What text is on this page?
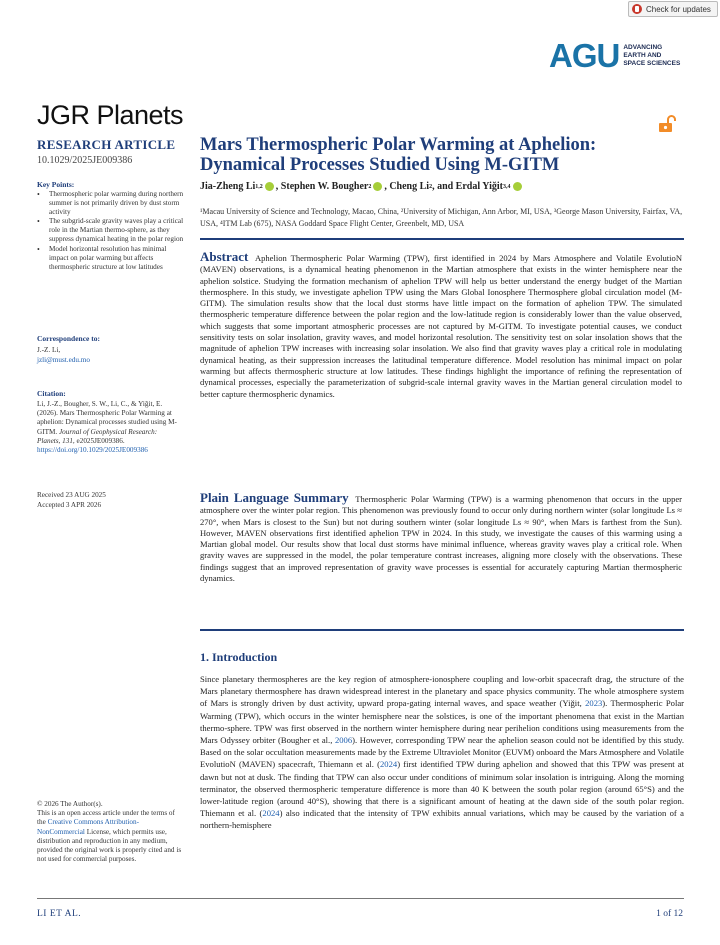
Check for updates
AGU ADVANCING
EARTH AND
SPACE SCIENCES
JGR Planets
RESEARCH ARTICLE
10.1029/2025JE009386
Key Points:
• Thermospheric polar warming during northern summer is not primarily driven by dust storm activity
• The subgrid-scale gravity waves play a critical role in the Martian thermo-sphere, as they suppress dynamical heating in the polar region
• Model horizontal resolution has minimal impact on polar warming but affects thermospheric structure at low latitudes
Correspondence to:
J.-Z. Li,
jzli@must.edu.mo
Citation:
Li, J.-Z., Bougher, S. W., Li, C., & Yiğit, E. (2026). Mars Thermospheric Polar Warming at aphelion: Dynamical processes studied using M-GITM. Journal of Geophysical Research: Planets, 131, e2025JE009386. https://doi.org/10.1029/2025JE009386
Received 23 AUG 2025
Accepted 3 APR 2026
© 2026 The Author(s).
This is an open access article under the terms of the Creative Commons Attribution-NonCommercial License, which permits use, distribution and reproduction in any medium, provided the original work is properly cited and is not used for commercial purposes.
Mars Thermospheric Polar Warming at Aphelion: Dynamical Processes Studied Using M-GITM
Jia-Zheng Li 1,2 , Stephen W. Bougher 2 , Cheng Li 2 , and Erdal Yiğit 3,4
¹Macau University of Science and Technology, Macao, China, ²University of Michigan, Ann Arbor, MI, USA, ³George Mason University, Fairfax, VA, USA, ⁴ITM Lab (675), NASA Goddard Space Flight Center, Greenbelt, MD, USA
Abstract Aphelion Thermospheric Polar Warming (TPW), first identified in 2024 by Mars Atmosphere and Volatile EvolutioN (MAVEN) observations, is a dynamical heating phenomenon in the Martian atmosphere that exists in the winter hemisphere near the aphelion solstice. Studying the formation mechanism of aphelion TPW will help us better understand the energy budget of the Martian thermosphere. In this study, we investigate aphelion TPW using the Mars Global Ionosphere Thermosphere global circulation model (M-GITM). The simulation results show that the local dust storms have little impact on the formation of aphelion TPW. The simulated thermospheric temperature difference between the polar region and the low-latitude region is considerably lower than the value observed, which suggests that some important atmospheric processes are not captured by M-GITM. To investigate potential causes, we conduct sensitivity tests on solar insolation, gravity waves, and model horizontal resolution. The sensitivity test on solar insolation shows that the magnitude of aphelion TPW increases with increasing solar insolation. We also find that gravity waves play a critical role in modulating dynamical heating, as their suppression increases the latitudinal temperature difference. Model resolution has minimal impact on polar warming but affects thermospheric structure at low latitudes. These findings highlight the importance of refining the representation of dynamical processes, especially the parameterization of subgrid-scale internal gravity waves in the Martian general circulation model to better capture thermospheric dynamics.
Plain Language Summary Thermospheric Polar Warming (TPW) is a warming phenomenon that occurs in the upper atmosphere over the winter polar region. This phenomenon was previously found to occur only during northern winter (solar longitude Ls ≈ 270°, when Mars is closest to the Sun) but not during southern winter (solar longitude Ls ≈ 90°, when Mars is farthest from the Sun). However, MAVEN observations first identified aphelion TPW in 2024. In this study, we investigate the causes of this warming using a Martian global model. Our results show that local dust storms have minimal influence, whereas gravity waves play a critical role. When gravity waves are suppressed in the model, the polar temperature contrast increases, aligning more closely with the observations. These findings suggest that an improved representation of gravity wave processes is essential for accurately capturing Martian thermospheric dynamics.
1. Introduction
Since planetary thermospheres are the key region of atmosphere-ionosphere coupling and low-orbit spacecraft drag, the structure of the Mars planetary thermosphere has drawn widespread interest in the planetary and space physics community. The whole atmosphere system of Mars is strongly driven by dust activity, upward propa-gating internal waves, and space weather (Yiğit, 2023). Thermospheric Polar Warming (TPW), which occurs in the winter hemisphere near the solstices, is one of the important phenomena that exist in the Martian thermo-sphere. TPW was first observed in the northern winter hemisphere during near perihelion conditions using measurements from the Mars Odyssey orbiter (Bougher et al., 2006). However, corresponding TPW near the aphelion season could not be identified by this study. Based on the solar occultation measurements made by the Extreme Ultraviolet Monitor (EUVM) onboard the Mars Atmosphere and Volatile EvolutioN (MAVEN) spacecraft, Thiemann et al. (2024) first identified TPW during aphelion and showed that this TPW was present at dawn but not at dusk. The finding that TPW can also occur under conditions of minimum solar insolation is intriguing. Along the morning terminator, the observed thermospheric temperature difference is more than 40 K between the south polar region (around 65°S) and the lower-latitude region (around 40°S), showing that there is a significant amount of heating at the dawn side of the south polar region. Thiemann et al. (2024) also indicated that the intensity of TPW exhibits annual variations, which may be caused by the variation of a northern-hemisphere
LI ET AL.	1 of 12
